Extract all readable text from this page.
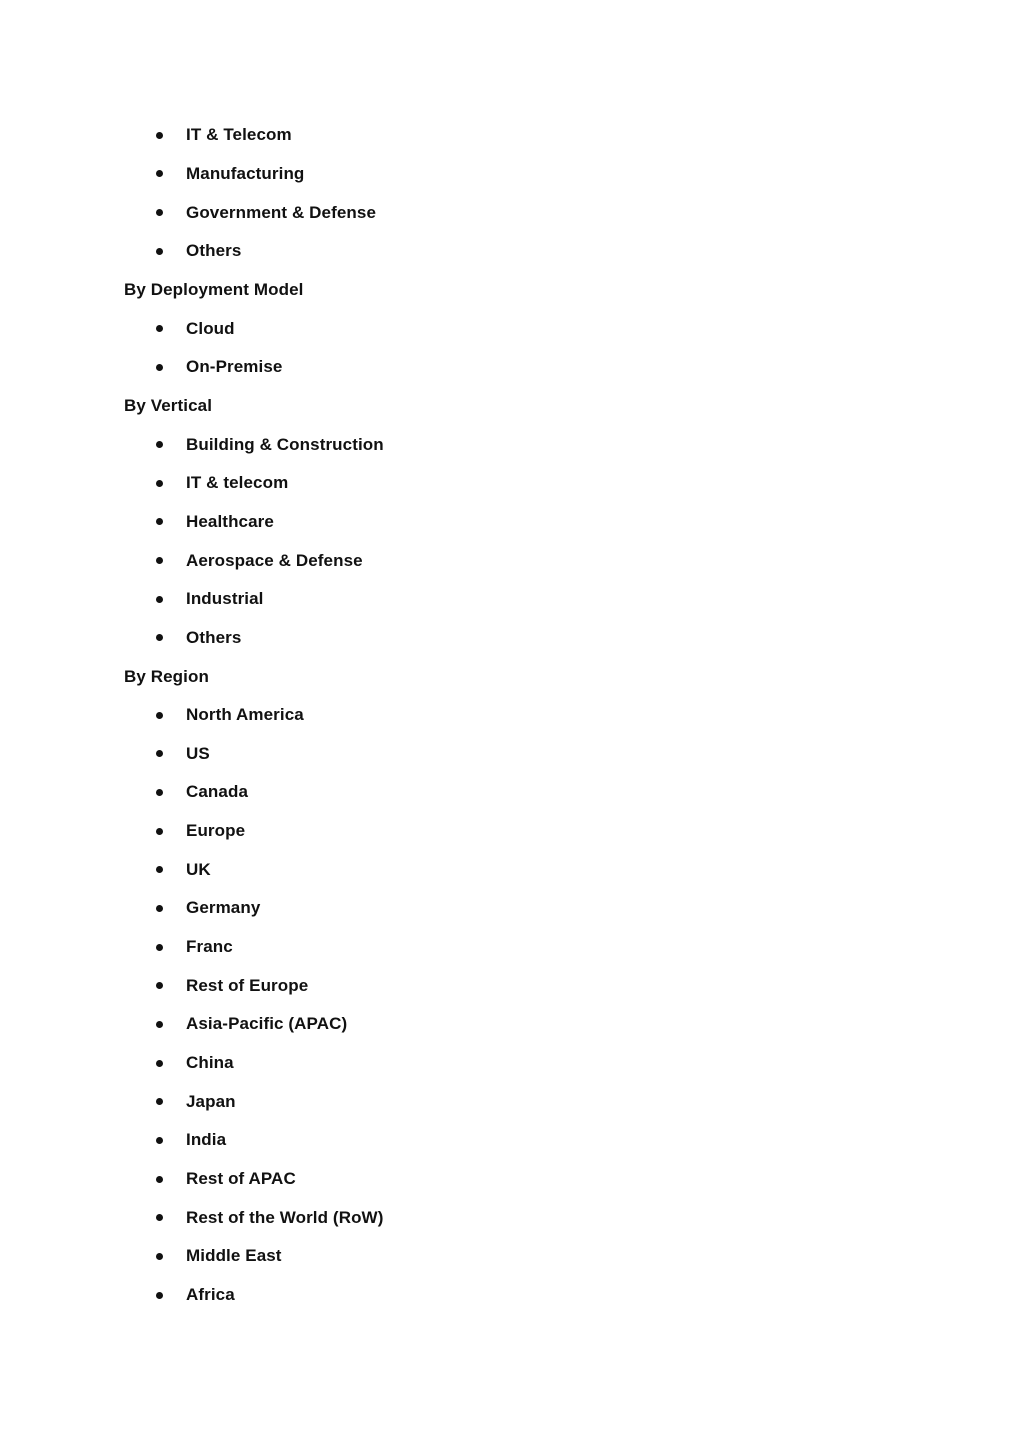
IT & Telecom
Manufacturing
Government & Defense
Others
By Deployment Model
Cloud
On-Premise
By Vertical
Building & Construction
IT & telecom
Healthcare
Aerospace & Defense
Industrial
Others
By Region
North America
US
Canada
Europe
UK
Germany
Franc
Rest of Europe
Asia-Pacific (APAC)
China
Japan
India
Rest of APAC
Rest of the World (RoW)
Middle East
Africa
